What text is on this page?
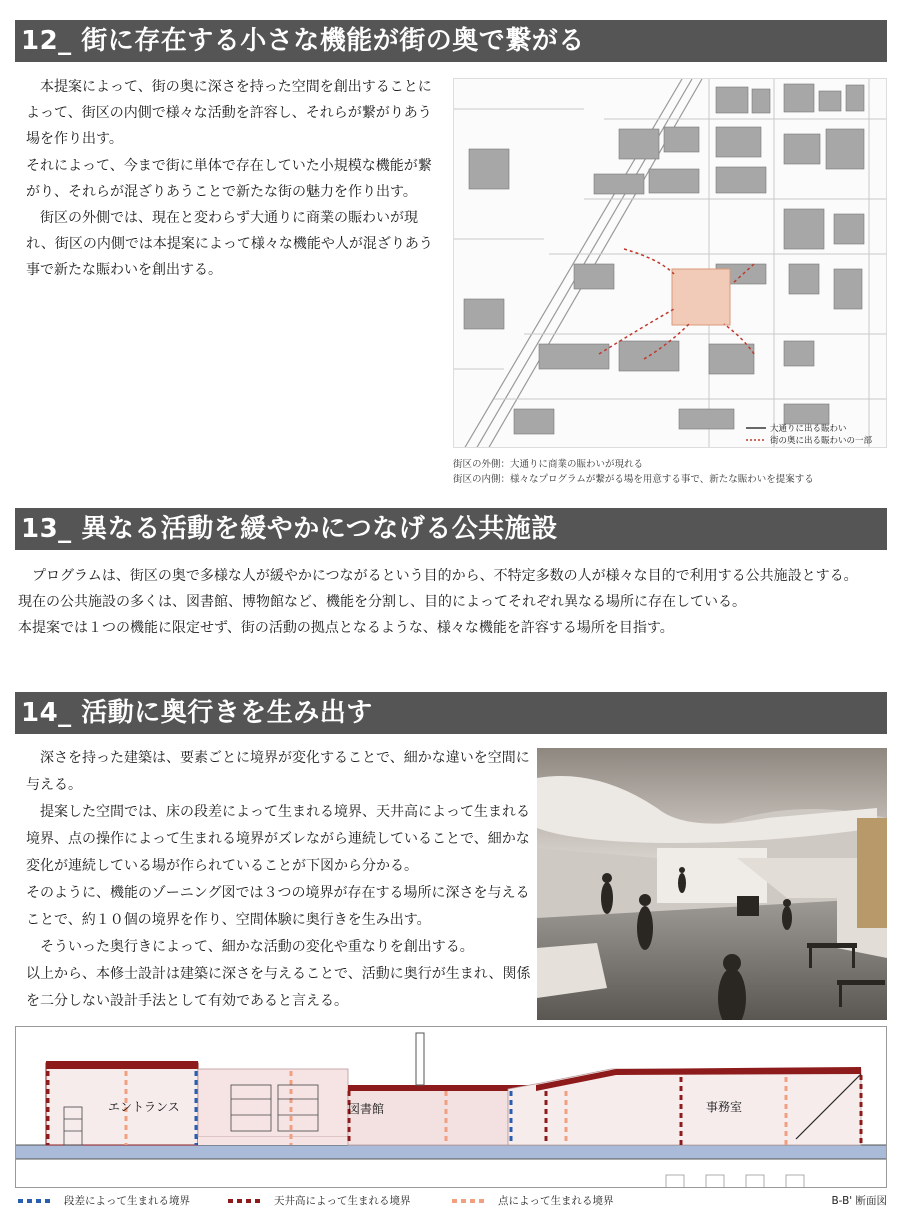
12_ 街に存在する小さな機能が街の奥で繋がる

本提案によって、街の奥に深さを持った空間を創出することによって、街区の内側で様々な活動を許容し、それらが繋がりあう場を作り出す。

それによって、今まで街に単体で存在していた小規模な機能が繋がり、それらが混ざりあうことで新たな街の魅力を作り出す。

街区の外側では、現在と変わらず大通りに商業の賑わいが現れ、街区の内側では本提案によって様々な機能や人が混ざりあう事で新たな賑わいを創出する。

大通りに出る賑わい
街の奥に出る賑わいの一部
街区の外側：大通りに商業の賑わいが現れる
街区の内側：様々なプログラムが繋がる場を用意する事で、新たな賑わいを提案する
13_ 異なる活動を緩やかにつなげる公共施設

プログラムは、街区の奥で多様な人が緩やかにつながるという目的から、不特定多数の人が様々な目的で利用する公共施設とする。

現在の公共施設の多くは、図書館、博物館など、機能を分割し、目的によってそれぞれ異なる場所に存在している。

本提案では１つの機能に限定せず、街の活動の拠点となるような、様々な機能を許容する場所を目指す。

14_ 活動に奥行きを生み出す

深さを持った建築は、要素ごとに境界が変化することで、細かな違いを空間に与える。

提案した空間では、床の段差によって生まれる境界、天井高によって生まれる境界、点の操作によって生まれる境界がズレながら連続していることで、細かな変化が連続している場が作られていることが下図から分かる。

そのように、機能のゾーニング図では３つの境界が存在する場所に深さを与えることで、約１０個の境界を作り、空間体験に奥行きを生み出す。

そういった奥行きによって、細かな活動の変化や重なりを創出する。

以上から、本修士設計は建築に深さを与えることで、活動に奥行が生まれ、関係を二分しない設計手法として有効であると言える。

エントランス	図書館	事務室
段差によって生まれる境界	天井高によって生まれる境界	点によって生まれる境界	B-B' 断面図
